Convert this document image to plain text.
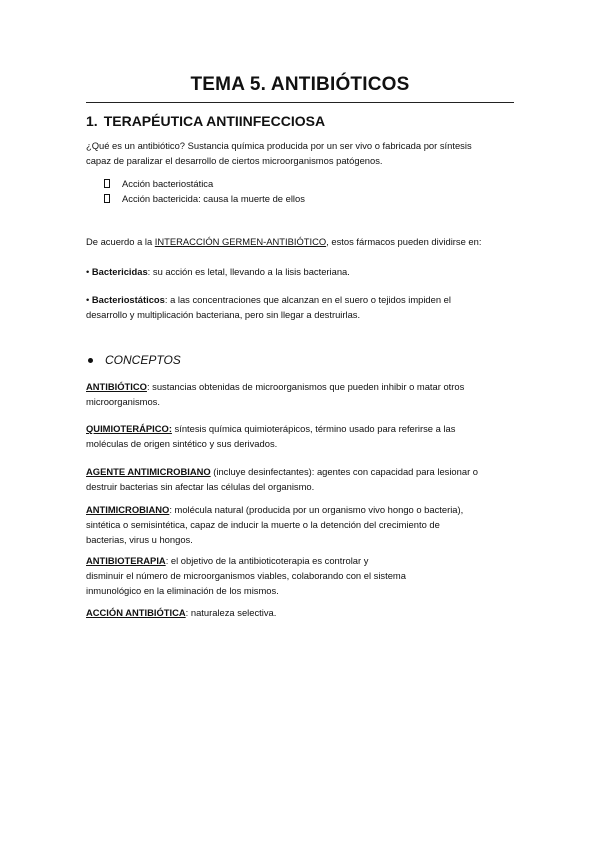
TEMA 5. ANTIBIÓTICOS
1. TERAPÉUTICA ANTIINFECCIOSA
¿Qué es un antibiótico? Sustancia química producida por un ser vivo o fabricada por síntesis
capaz de paralizar el desarrollo de ciertos microorganismos patógenos.
Acción bacteriostática
Acción bactericida: causa la muerte de ellos
De acuerdo a la INTERACCIÓN GERMEN-ANTIBIÓTICO, estos fármacos pueden dividirse en:
• Bactericidas: su acción es letal, llevando a la lisis bacteriana.
• Bacteriostáticos: a las concentraciones que alcanzan en el suero o tejidos impiden el
desarrollo y multiplicación bacteriana, pero sin llegar a destruirlas.
CONCEPTOS
ANTIBIÓTICO: sustancias obtenidas de microorganismos que pueden inhibir o matar otros
microorganismos.
QUIMIOTERÁPICO: síntesis química quimioterápicos, término usado para referirse a las
moléculas de origen sintético y sus derivados.
AGENTE ANTIMICROBIANO (incluye desinfectantes): agentes con capacidad para lesionar o
destruir bacterias sin afectar las células del organismo.
ANTIMICROBIANO: molécula natural (producida por un organismo vivo hongo o bacteria),
sintética o semisintética, capaz de inducir la muerte o la detención del crecimiento de
bacterias, virus u hongos.
ANTIBIOTERAPIA: el objetivo de la antibioticoterapia es controlar y
disminuir el número de microorganismos viables, colaborando con el sistema
inmunológico en la eliminación de los mismos.
ACCIÓN ANTIBIÓTICA: naturaleza selectiva.
